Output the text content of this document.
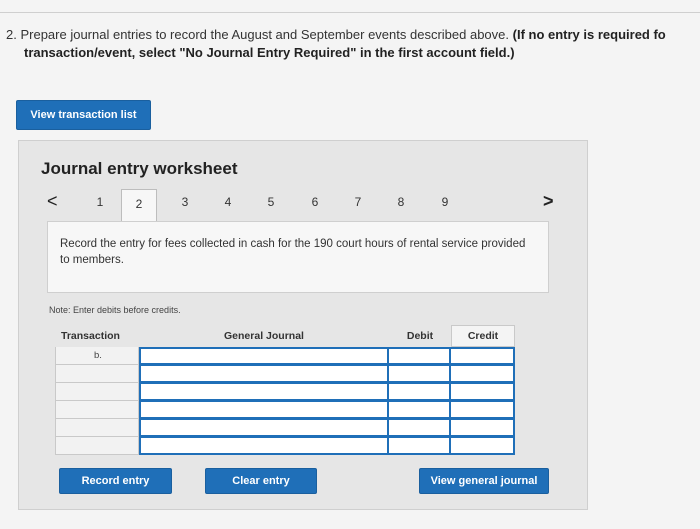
2. Prepare journal entries to record the August and September events described above. (If no entry is required fo
transaction/event, select "No Journal Entry Required" in the first account field.)
View transaction list
Journal entry worksheet
<	1	2	3	4	5	6	7	8	9	>
Record the entry for fees collected in cash for the 190 court hours of rental service provided to members.
Note: Enter debits before credits.
Transaction	General Journal	Debit	Credit
b.
Record entry	Clear entry	View general journal
